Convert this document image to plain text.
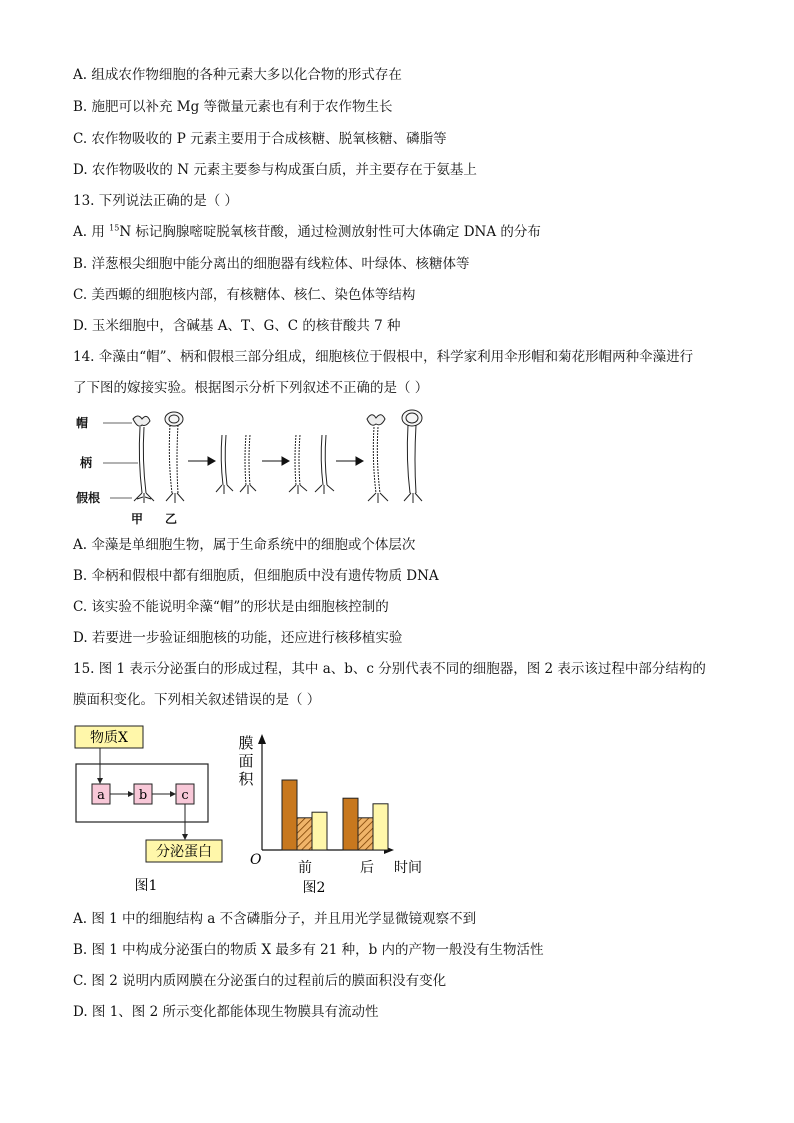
A. 组成农作物细胞的各种元素大多以化合物的形式存在
B. 施肥可以补充 Mg 等微量元素也有利于农作物生长
C. 农作物吸收的 P 元素主要用于合成核糖、脱氧核糖、磷脂等
D. 农作物吸收的 N 元素主要参与构成蛋白质，并主要存在于氨基上
13. 下列说法正确的是（ ）
A. 用 $^{15}$N 标记胸腺嘧啶脱氧核苷酸，通过检测放射性可大体确定 DNA 的分布
B. 洋葱根尖细胞中能分离出的细胞器有线粒体、叶绿体、核糖体等
C. 美西螈的细胞核内部，有核糖体、核仁、染色体等结构
D. 玉米细胞中，含碱基 A、T、G、C 的核苷酸共 7 种
14. 伞藻由“帽”、柄和假根三部分组成，细胞核位于假根中，科学家利用伞形帽和菊花形帽两种伞藻进行
了下图的嫁接实验。根据图示分析下列叙述不正确的是（ ）
帽
柄
假根
甲 乙
A. 伞藻是单细胞生物，属于生命系统中的细胞或个体层次
B. 伞柄和假根中都有细胞质，但细胞质中没有遗传物质 DNA
C. 该实验不能说明伞藻“帽”的形状是由细胞核控制的
D. 若要进一步验证细胞核的功能，还应进行核移植实验
15. 图 1 表示分泌蛋白的形成过程，其中 a、b、c 分别代表不同的细胞器，图 2 表示该过程中部分结构的
膜面积变化。下列相关叙述错误的是（ ）
物质X
a	b	c
分泌蛋白
图1
膜
面
积
O	前	后 时间
图2
A. 图 1 中的细胞结构 a 不含磷脂分子，并且用光学显微镜观察不到
B. 图 1 中构成分泌蛋白的物质 X 最多有 21 种，b 内的产物一般没有生物活性
C. 图 2 说明内质网膜在分泌蛋白的过程前后的膜面积没有变化
D. 图 1、图 2 所示变化都能体现生物膜具有流动性
